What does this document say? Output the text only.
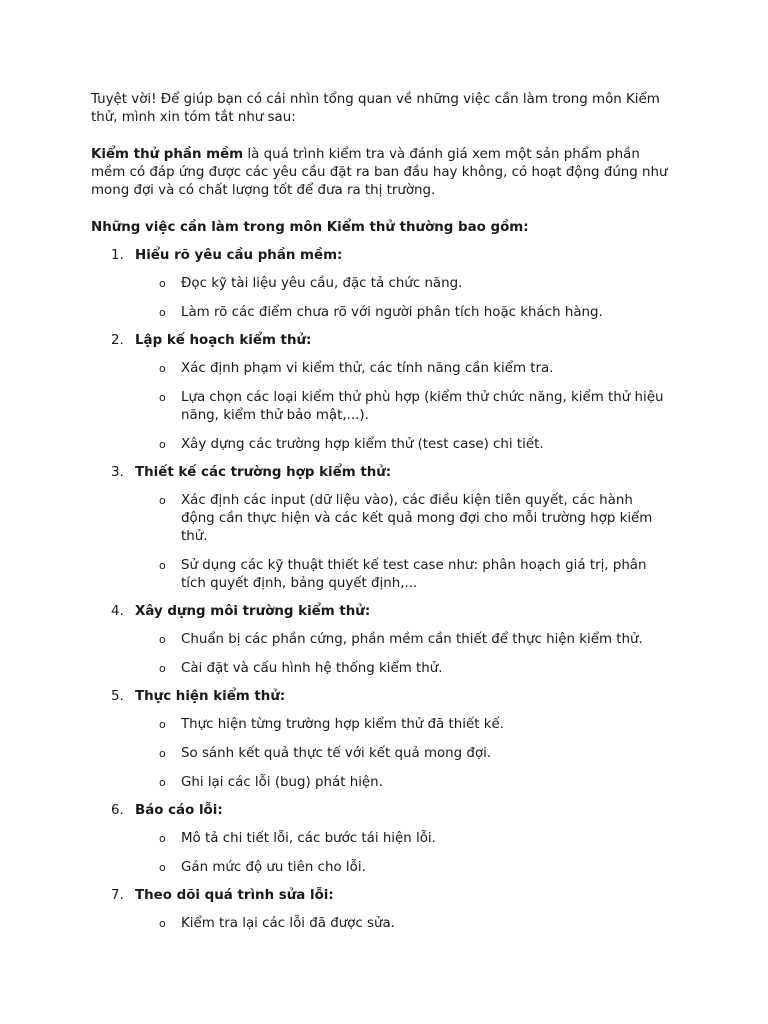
Tuyệt vời! Để giúp bạn có cái nhìn tổng quan về những việc cần làm trong môn Kiểm thử, mình xin tóm tắt như sau:

Kiểm thử phần mềm là quá trình kiểm tra và đánh giá xem một sản phẩm phần mềm có đáp ứng được các yêu cầu đặt ra ban đầu hay không, có hoạt động đúng như mong đợi và có chất lượng tốt để đưa ra thị trường.

Những việc cần làm trong môn Kiểm thử thường bao gồm:

1. Hiểu rõ yêu cầu phần mềm:
o Đọc kỹ tài liệu yêu cầu, đặc tả chức năng.
o Làm rõ các điểm chưa rõ với người phân tích hoặc khách hàng.
2. Lập kế hoạch kiểm thử:
o Xác định phạm vi kiểm thử, các tính năng cần kiểm tra.
o Lựa chọn các loại kiểm thử phù hợp (kiểm thử chức năng, kiểm thử hiệu năng, kiểm thử bảo mật,...).
o Xây dựng các trường hợp kiểm thử (test case) chi tiết.
3. Thiết kế các trường hợp kiểm thử:
o Xác định các input (dữ liệu vào), các điều kiện tiên quyết, các hành động cần thực hiện và các kết quả mong đợi cho mỗi trường hợp kiểm thử.
o Sử dụng các kỹ thuật thiết kế test case như: phân hoạch giá trị, phân tích quyết định, bảng quyết định,...
4. Xây dựng môi trường kiểm thử:
o Chuẩn bị các phần cứng, phần mềm cần thiết để thực hiện kiểm thử.
o Cài đặt và cấu hình hệ thống kiểm thử.
5. Thực hiện kiểm thử:
o Thực hiện từng trường hợp kiểm thử đã thiết kế.
o So sánh kết quả thực tế với kết quả mong đợi.
o Ghi lại các lỗi (bug) phát hiện.
6. Báo cáo lỗi:
o Mô tả chi tiết lỗi, các bước tái hiện lỗi.
o Gán mức độ ưu tiên cho lỗi.
7. Theo dõi quá trình sửa lỗi:
o Kiểm tra lại các lỗi đã được sửa.
